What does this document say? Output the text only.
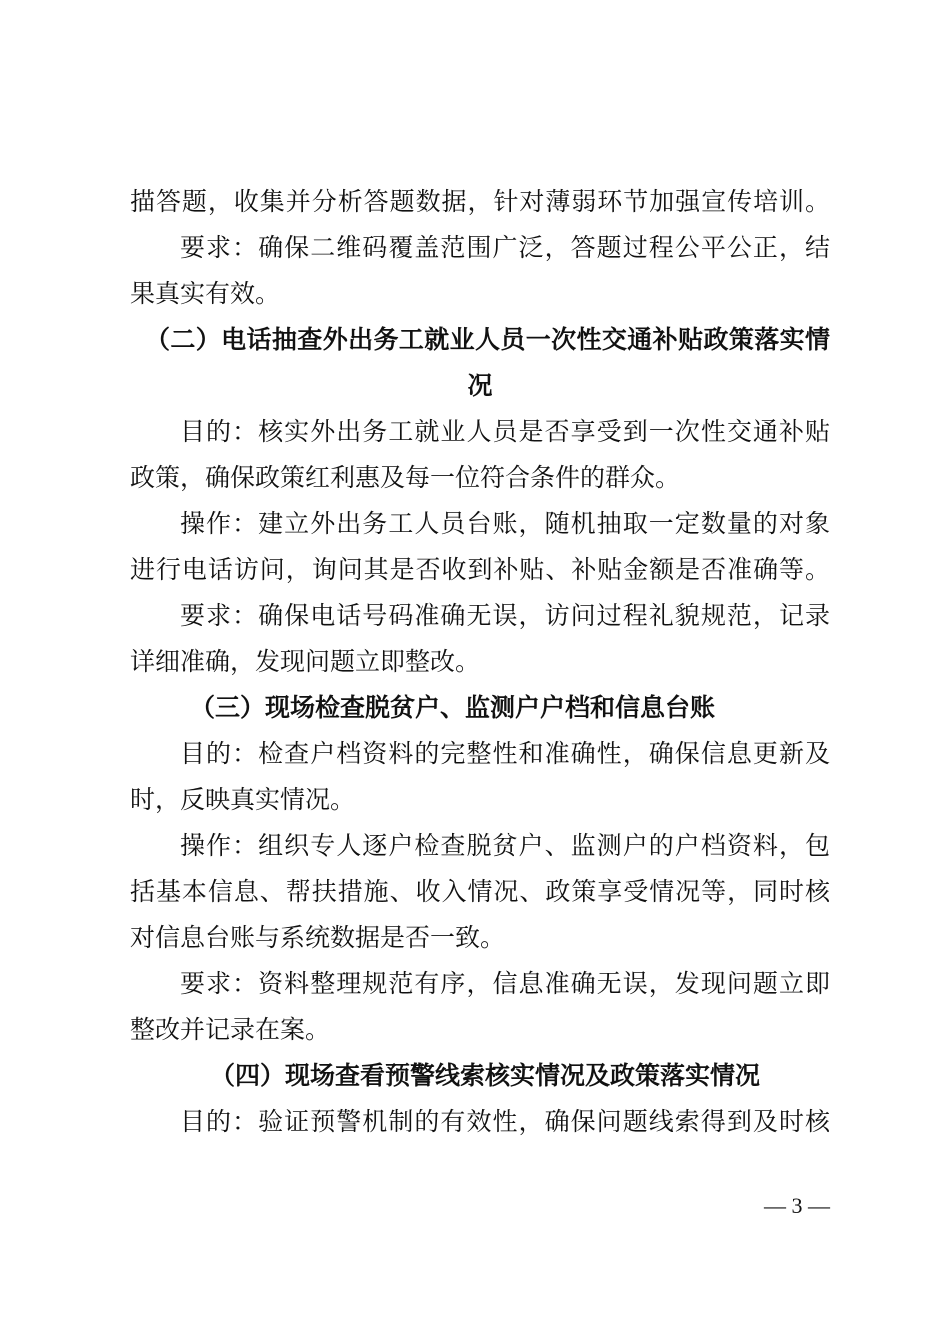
描答题，收集并分析答题数据，针对薄弱环节加强宣传培训。
要求：确保二维码覆盖范围广泛，答题过程公平公正，结
果真实有效。
（二）电话抽查外出务工就业人员一次性交通补贴政策落实情
况
目的：核实外出务工就业人员是否享受到一次性交通补贴
政策，确保政策红利惠及每一位符合条件的群众。
操作：建立外出务工人员台账，随机抽取一定数量的对象
进行电话访问，询问其是否收到补贴、补贴金额是否准确等。
要求：确保电话号码准确无误，访问过程礼貌规范，记录
详细准确，发现问题立即整改。
（三）现场检查脱贫户、监测户户档和信息台账
目的：检查户档资料的完整性和准确性，确保信息更新及
时，反映真实情况。
操作：组织专人逐户检查脱贫户、监测户的户档资料，包
括基本信息、帮扶措施、收入情况、政策享受情况等，同时核
对信息台账与系统数据是否一致。
要求：资料整理规范有序，信息准确无误，发现问题立即
整改并记录在案。
（四）现场查看预警线索核实情况及政策落实情况
目的：验证预警机制的有效性，确保问题线索得到及时核
— 3 —
